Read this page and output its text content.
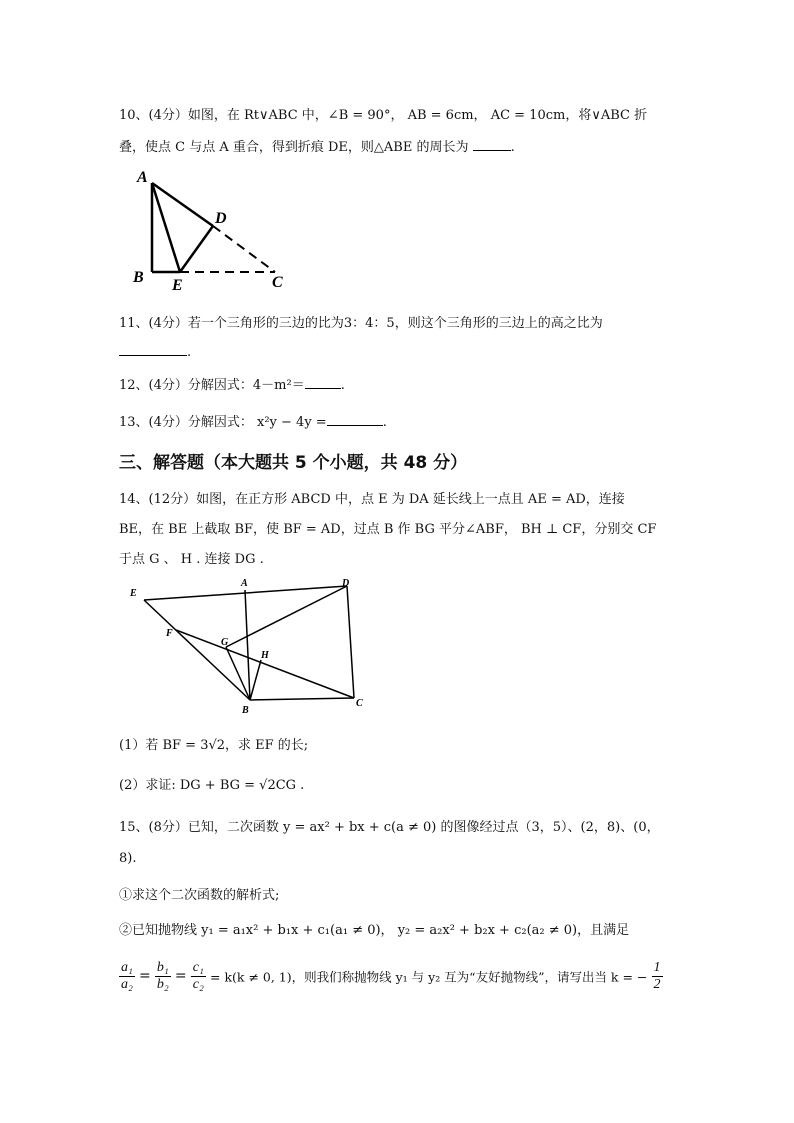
10、(4分）如图，在 Rt∨ABC 中，∠B = 90°， AB = 6cm， AC = 10cm，将∨ABC 折
叠，使点 C 与点 A 重合，得到折痕 DE，则△ABE 的周长为	.
A
D
B E	C
11、(4分）若一个三角形的三边的比为3：4：5，则这个三角形的三边上的高之比为
.
12、(4分）分解因式：4－m²＝	.
13、(4分）分解因式： x²y − 4y =	.
三、解答题（本大题共 5 个小题，共 48 分）
14、(12分）如图，在正方形 ABCD 中，点 E 为 DA 延长线上一点且 AE = AD，连接
BE，在 BE 上截取 BF，使 BF = AD，过点 B 作 BG 平分∠ABF， BH ⊥ CF，分别交 CF
于点 G 、 H . 连接 DG .
E
A	D
F
G
H
B
C
(1）若 BF = 3√2，求 EF 的长;
(2）求证: DG + BG = √2CG .
15、(8分）已知，二次函数 y = ax² + bx + c(a ≠ 0) 的图像经过点（3，5）、(2，8)、(0，
8).
①求这个二次函数的解析式;
②已知抛物线 y₁ = a₁x² + b₁x + c₁(a₁ ≠ 0)， y₂ = a₂x² + b₂x + c₂(a₂ ≠ 0)，且满足
$\frac{\text{a₁}}{\text{a₂}} = \frac{\text{b₁}}{\text{b₂}} = \frac{\text{c₁}}{\text{c₂}} = k(k \ne 0$, 1)，则我们称抛物线 y₁ 与 y₂ 互为“友好抛物线”，请写出当 k = − $\frac{1}{2}$
